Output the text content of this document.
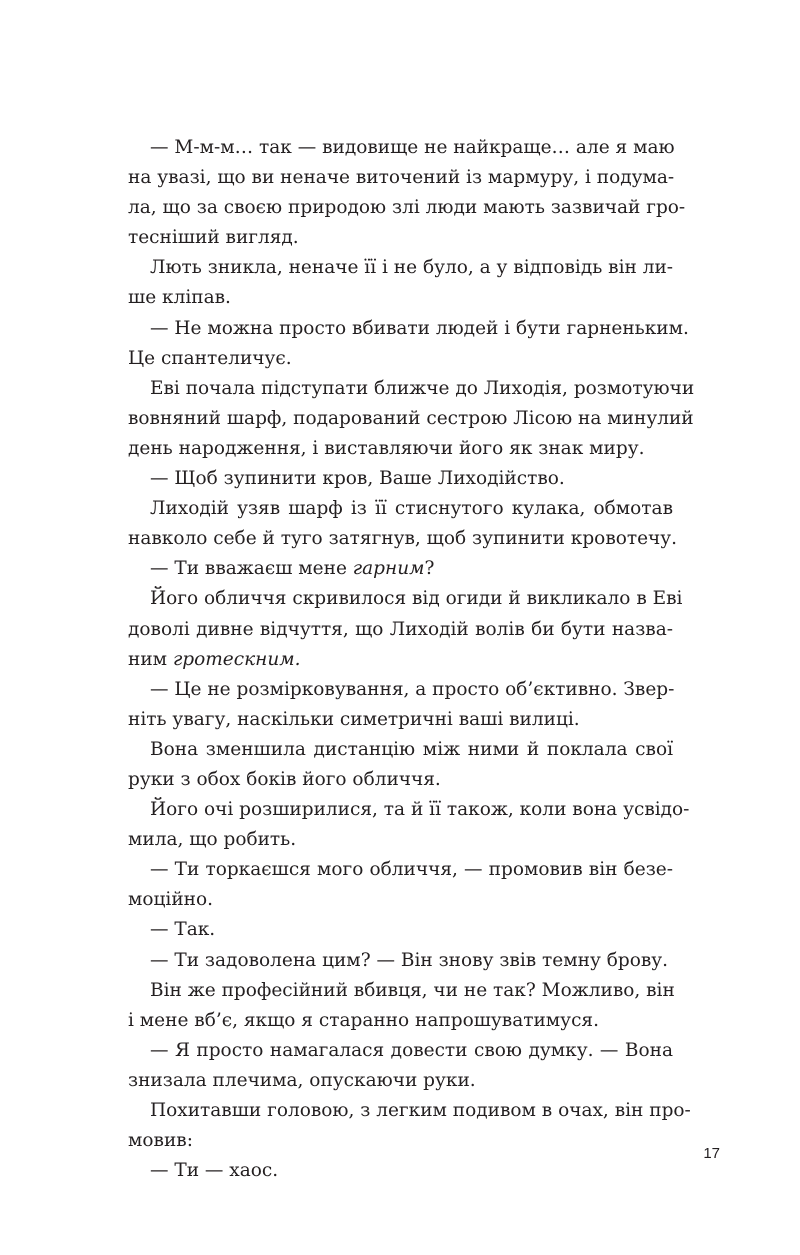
— М-м-м… так — видовище не найкраще… але я маю
на увазі, що ви неначе виточений із мармуру, і подума-
ла, що за своєю природою злі люди мають зазвичай гро-
теснiший вигляд.
Лють зникла, неначе її і не було, а у відповідь він ли-
ше кліпав.
— Не можна просто вбивати людей і бути гарненьким.
Це спантеличує.
Еві почала підступати ближче до Лиходія, розмотуючи
вовняний шарф, подарований сестрою Лісою на минулий
день народження, і виставляючи його як знак миру.
— Щоб зупинити кров, Ваше Лиходійство.
Лиходій узяв шарф із її стиснутого кулака, обмотав
навколо себе й туго затягнув, щоб зупинити кровотечу.
— Ти вважаєш мене гарним?
Його обличчя скривилося від огиди й викликало в Еві
доволі дивне відчуття, що Лиходій волів би бути назва-
ним гротескним.
— Це не розмірковування, а просто об’єктивно. Звер-
ніть увагу, наскільки симетричні ваші вилиці.
Вона зменшила дистанцію між ними й поклала свої
руки з обох боків його обличчя.
Його очі розширилися, та й її також, коли вона усвідо-
мила, що робить.
— Ти торкаєшся мого обличчя, — промовив він безе-
моційно.
— Так.
— Ти задоволена цим? — Він знову звів темну брову.
Він же професійний вбивця, чи не так? Можливо, він
і мене вб’є, якщо я старанно напрошуватимуся.
— Я просто намагалася довести свою думку. — Вона
знизала плечима, опускаючи руки.
Похитавши головою, з легким подивом в очах, він про-
мовив:
— Ти — хаос.
17
